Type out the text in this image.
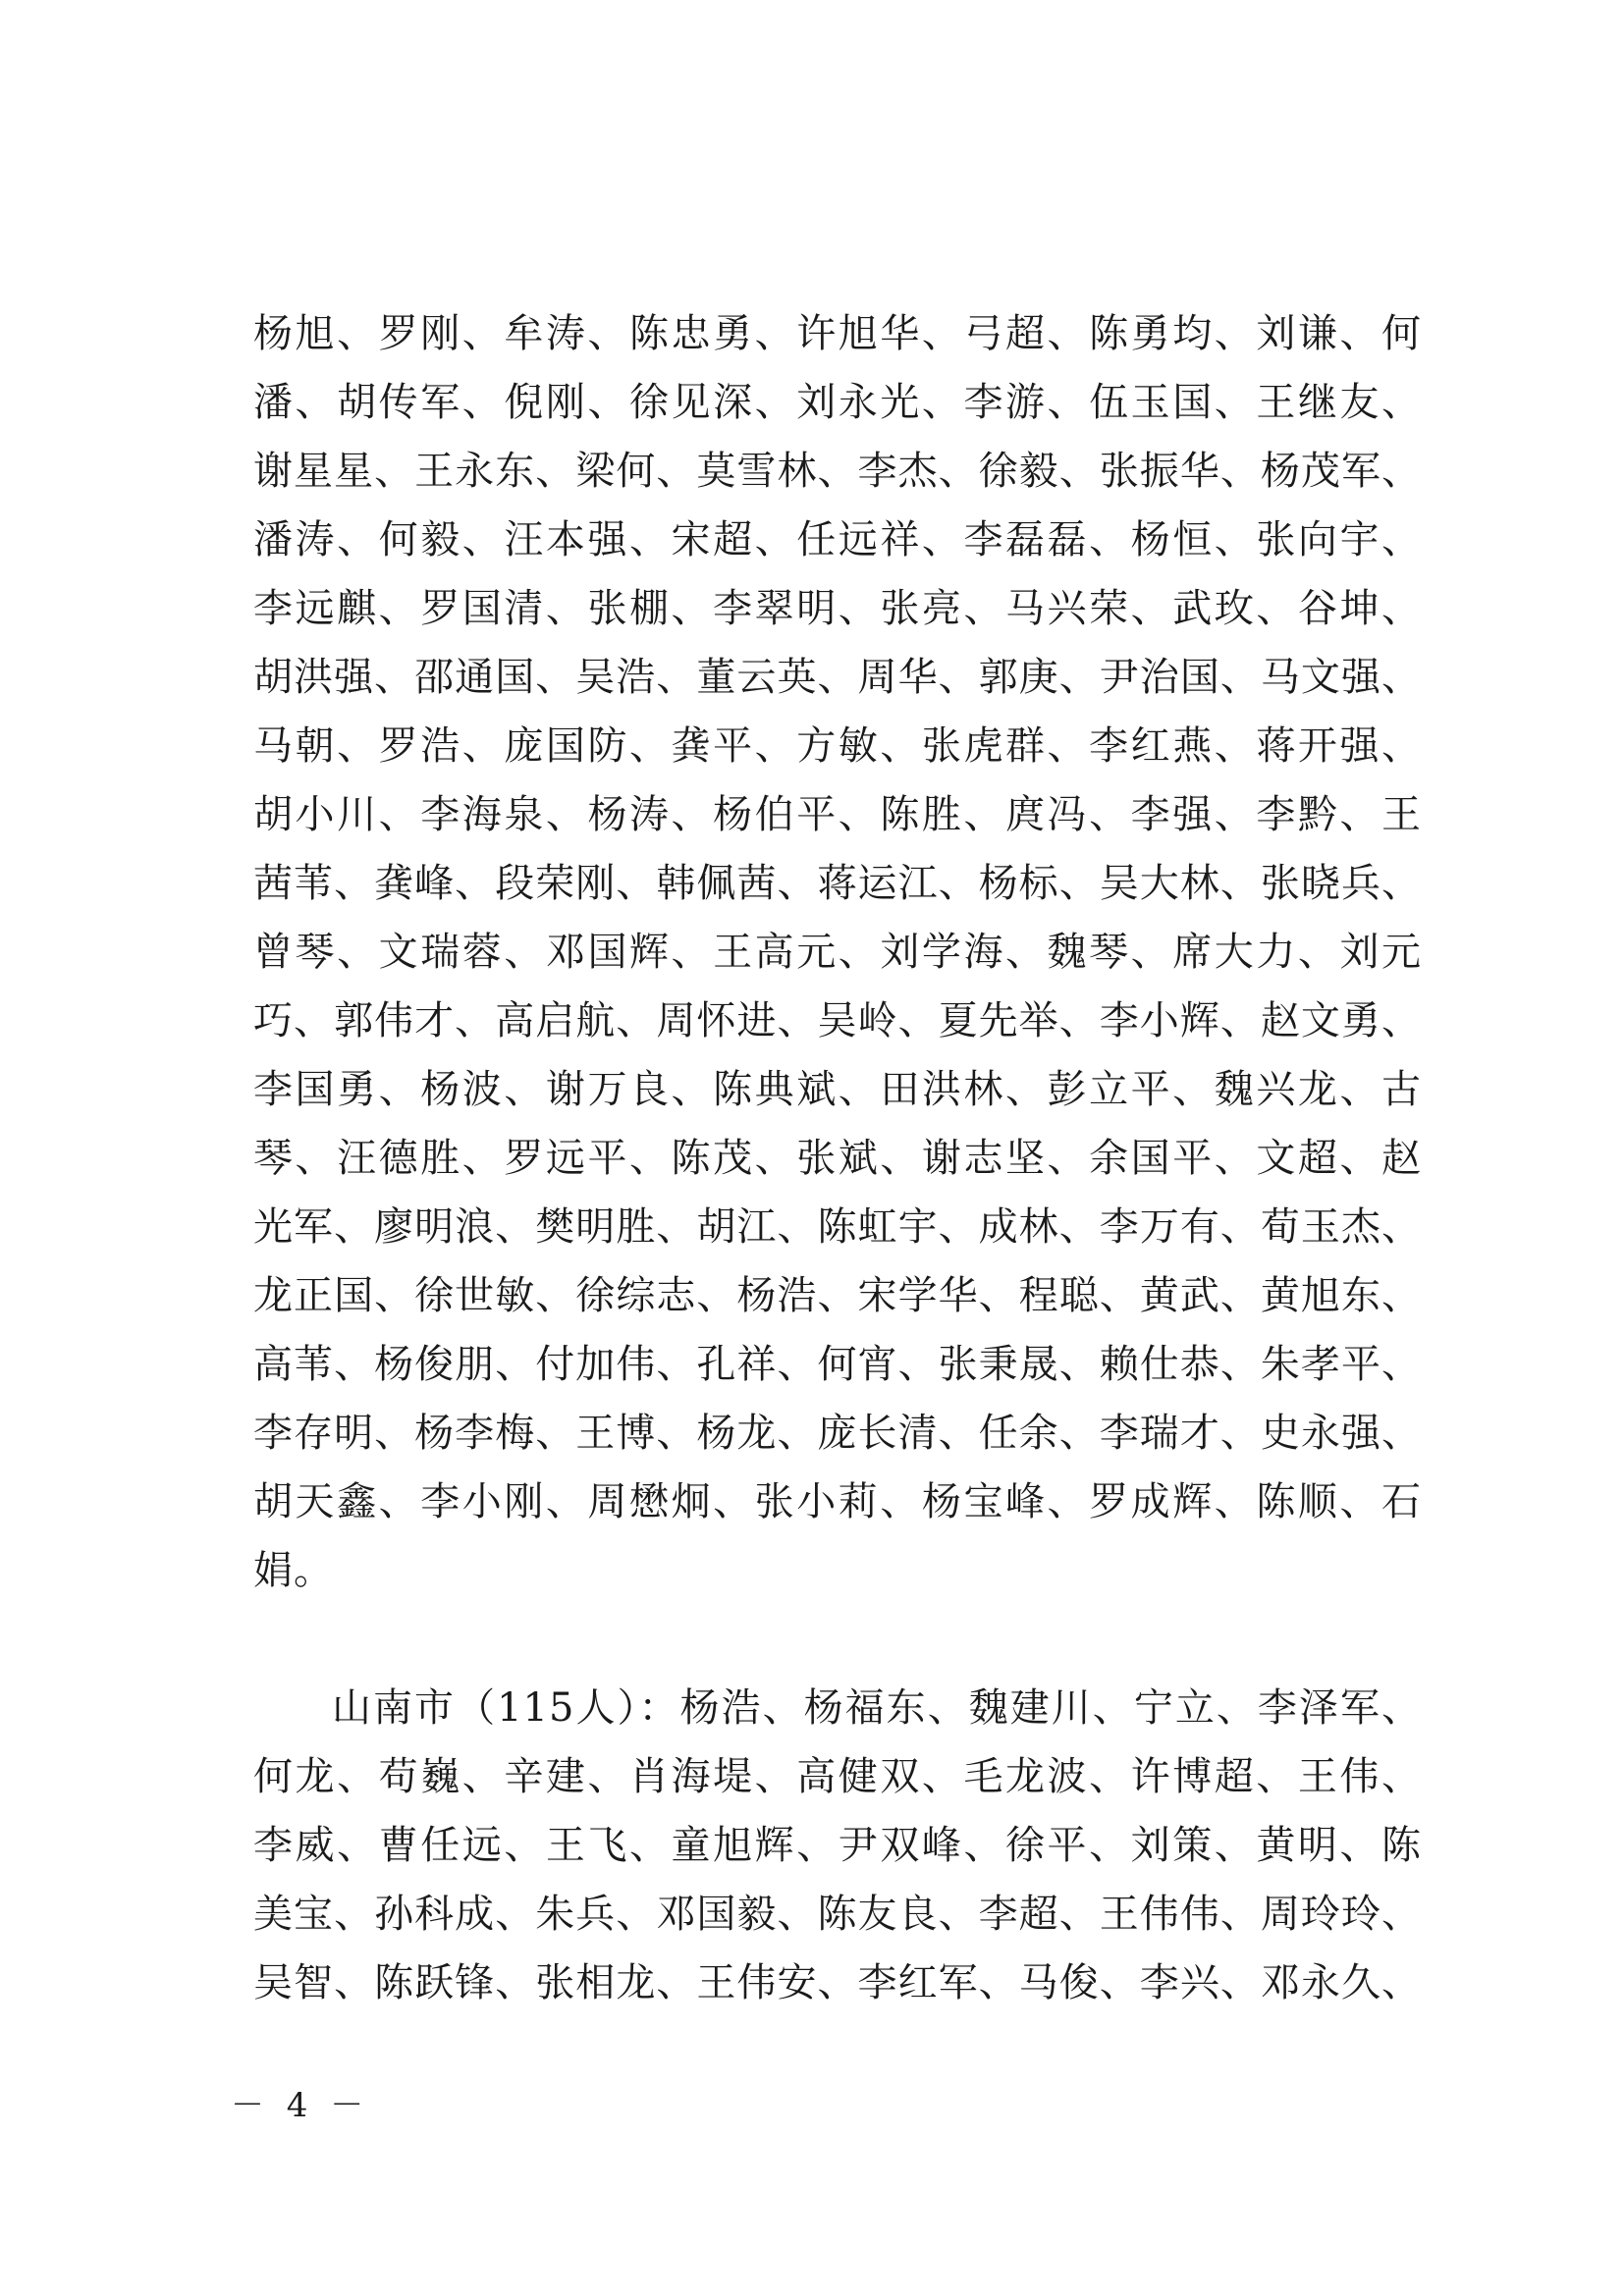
杨旭、罗刚、牟涛、陈忠勇、许旭华、弓超、陈勇均、刘谦、何
潘、胡传军、倪刚、徐见深、刘永光、李游、伍玉国、王继友、
谢星星、王永东、梁何、莫雪林、李杰、徐毅、张振华、杨茂军、
潘涛、何毅、汪本强、宋超、任远祥、李磊磊、杨恒、张向宇、
李远麒、罗国清、张棚、李翠明、张亮、马兴荣、武玫、谷坤、
胡洪强、邵通国、吴浩、董云英、周华、郭庚、尹治国、马文强、
马朝、罗浩、庞国防、龚平、方敏、张虎群、李红燕、蒋开强、
胡小川、李海泉、杨涛、杨伯平、陈胜、庹冯、李强、李黔、王
茜苇、龚峰、段荣刚、韩佩茜、蒋运江、杨标、吴大林、张晓兵、
曾琴、文瑞蓉、邓国辉、王高元、刘学海、魏琴、席大力、刘元
巧、郭伟才、高启航、周怀进、吴岭、夏先举、李小辉、赵文勇、
李国勇、杨波、谢万良、陈典斌、田洪林、彭立平、魏兴龙、古
琴、汪德胜、罗远平、陈茂、张斌、谢志坚、余国平、文超、赵
光军、廖明浪、樊明胜、胡江、陈虹宇、成林、李万有、荀玉杰、
龙正国、徐世敏、徐综志、杨浩、宋学华、程聪、黄武、黄旭东、
高苇、杨俊朋、付加伟、孔祥、何宵、张秉晟、赖仕恭、朱孝平、
李存明、杨李梅、王博、杨龙、庞长清、任余、李瑞才、史永强、
胡天鑫、李小刚、周懋炯、张小莉、杨宝峰、罗成辉、陈顺、石
娟。
山南市（115人）：杨浩、杨福东、魏建川、宁立、李泽军、
何龙、苟巍、辛建、肖海堤、高健双、毛龙波、许博超、王伟、
李威、曹任远、王飞、童旭辉、尹双峰、徐平、刘策、黄明、陈
美宝、孙科成、朱兵、邓国毅、陈友良、李超、王伟伟、周玲玲、
吴智、陈跃锋、张相龙、王伟安、李红军、马俊、李兴、邓永久、
－ 4 －
